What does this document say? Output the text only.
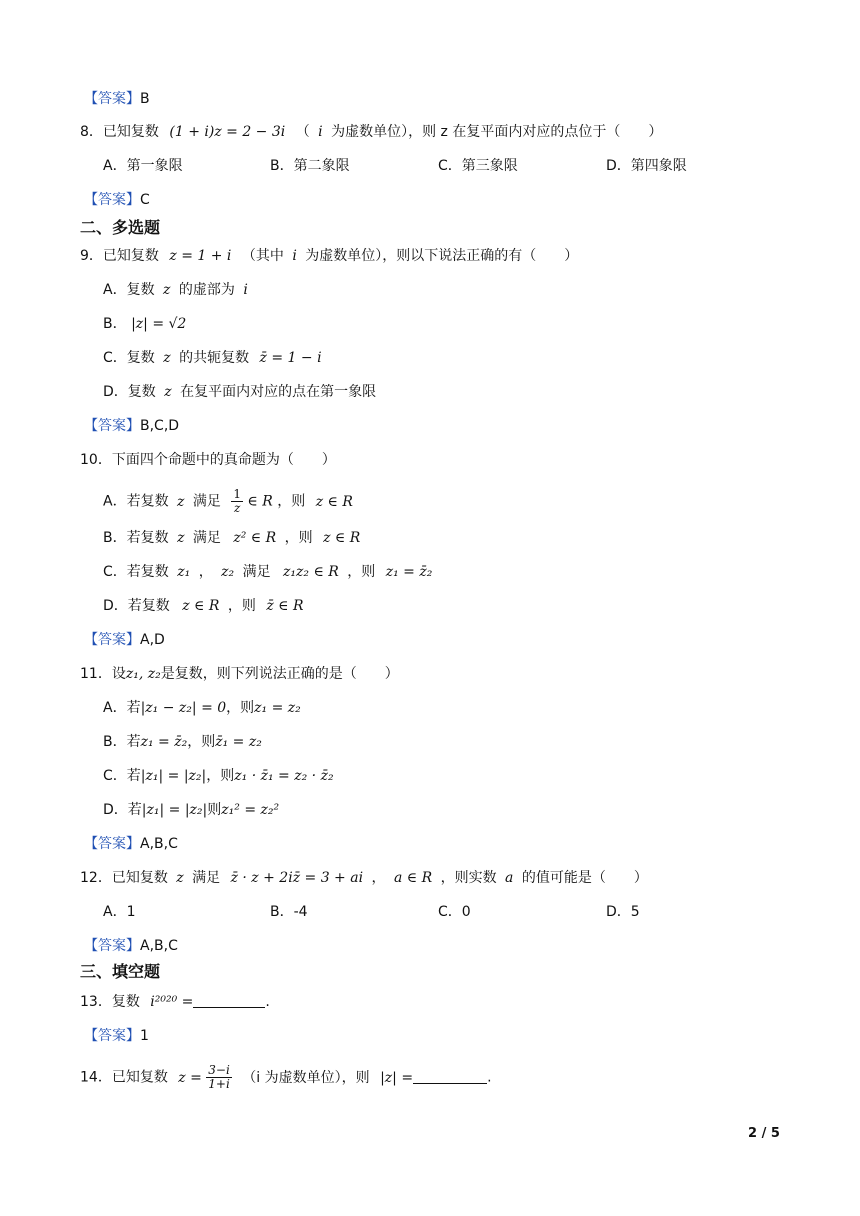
【答案】B
8．已知复数 (1 + i)z = 2 − 3i （ i 为虚数单位），则 z 在复平面内对应的点位于（　　）
A．第一象限	B．第二象限	C．第三象限	D．第四象限
【答案】C
二、多选题
9．已知复数 z = 1 + i （其中 i 为虚数单位），则以下说法正确的有（　　）
A．复数 z 的虚部为 i
B． |z| = √2
C．复数 z 的共轭复数 z̄ = 1 − i
D．复数 z 在复平面内对应的点在第一象限
【答案】B,C,D
10．下面四个命题中的真命题为（　　）
A．若复数 z 满足 $\frac{1}{z}$ ∈ R ，则 z ∈ R
B．若复数 z 满足 z² ∈ R ，则 z ∈ R
C．若复数 z₁ ， z₂ 满足 z₁z₂ ∈ R ，则 z₁ = z̄₂
D．若复数 z ∈ R ，则 z̄ ∈ R
【答案】A,D
11．设z₁, z₂是复数，则下列说法正确的是（　　）
A．若|z₁ − z₂| = 0，则z₁ = z₂
B．若z₁ = z̄₂，则z̄₁ = z₂
C．若|z₁| = |z₂|，则z₁ · z̄₁ = z₂ · z̄₂
D．若|z₁| = |z₂|则z₁² = z₂²
【答案】A,B,C
12．已知复数 z 满足 z̄ · z + 2iz̄ = 3 + ai ， a ∈ R ，则实数 a 的值可能是（　　）
A．1	B．-4	C．0	D．5
【答案】A,B,C
三、填空题
13．复数 i²⁰²⁰ =	.
【答案】1
14．已知复数 $z = \frac{3-i}{1+i} (i$ 为虚数单位），则 |z| =	.
2 / 5
